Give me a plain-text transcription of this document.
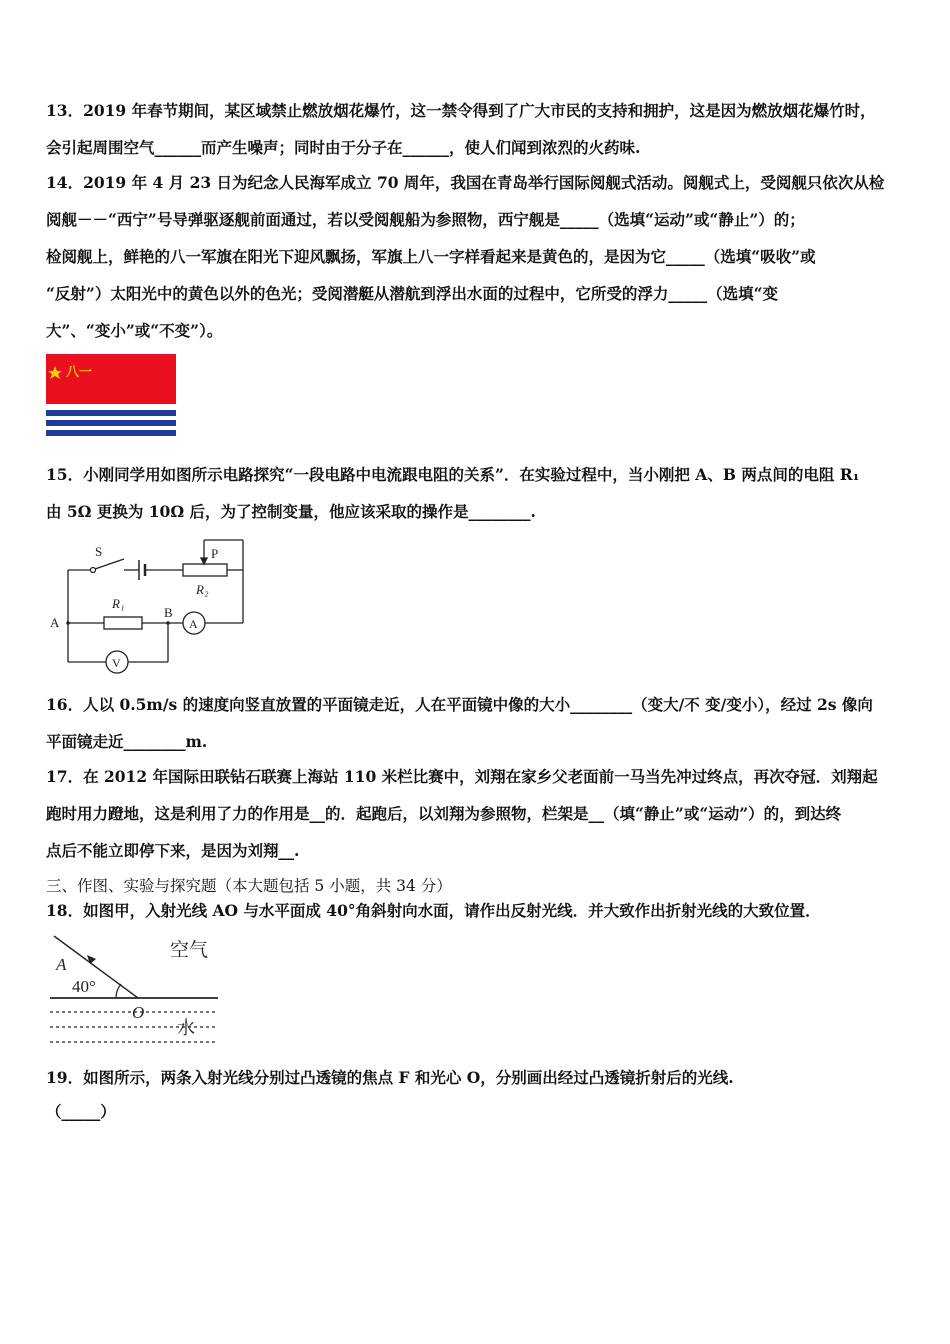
13．2019 年春节期间，某区域禁止燃放烟花爆竹，这一禁令得到了广大市民的支持和拥护，这是因为燃放烟花爆竹时，
会引起周围空气______而产生噪声；同时由于分子在______，使人们闻到浓烈的火药味.
14．2019 年 4 月 23 日为纪念人民海军成立 70 周年，我国在青岛举行国际阅舰式活动。阅舰式上，受阅舰只依次从检
阅舰－－“西宁”号导弹驱逐舰前面通过，若以受阅舰船为参照物，西宁舰是_____（选填“运动”或“静止”）的；
检阅舰上，鲜艳的八一军旗在阳光下迎风飘扬，军旗上八一字样看起来是黄色的，是因为它_____（选填“吸收”或
“反射”）太阳光中的黄色以外的色光；受阅潜艇从潜航到浮出水面的过程中，它所受的浮力_____（选填“变
大”、“变小”或“不变”）。
八一
15．小刚同学用如图所示电路探究“一段电路中电流跟电阻的关系”．在实验过程中，当小刚把 A、B 两点间的电阻 R₁
由 5Ω 更换为 10Ω 后，为了控制变量，他应该采取的操作是________.
S	P
R₂
R₁
A
B
A
V
16．人以 0.5m/s 的速度向竖直放置的平面镜走近，人在平面镜中像的大小________（变大/不 变/变小），经过 2s 像向
平面镜走近________m.
17．在 2012 年国际田联钻石联赛上海站 110 米栏比赛中，刘翔在家乡父老面前一马当先冲过终点，再次夺冠．刘翔起
跑时用力蹬地，这是利用了力的作用是__的．起跑后，以刘翔为参照物，栏架是__（填“静止”或“运动”）的，到达终
点后不能立即停下来，是因为刘翔__.
三、作图、实验与探究题（本大题包括 5 小题，共 34 分）
18．如图甲，入射光线 AO 与水平面成 40°角斜射向水面，请作出反射光线．并大致作出折射光线的大致位置．
空气
A
40°
O
水
19．如图所示，两条入射光线分别过凸透镜的焦点 F 和光心 O，分别画出经过凸透镜折射后的光线.
（_____）
